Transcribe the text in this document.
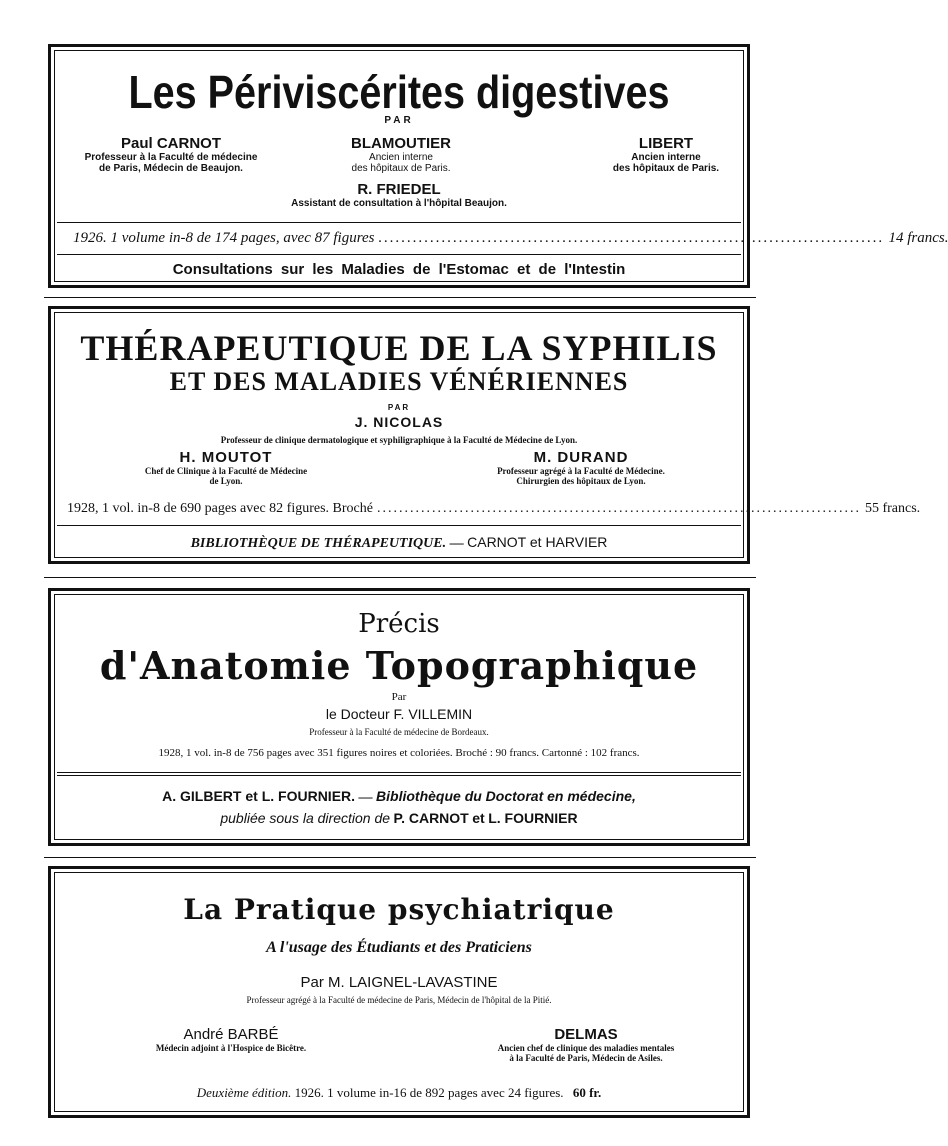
Les Périviscérites digestives
PAR
Paul CARNOT
Professeur à la Faculté de médecine
de Paris, Médecin de Beaujon.
BLAMOUTIER
Ancien interne
des hôpitaux de Paris.
LIBERT
Ancien interne
des hôpitaux de Paris.
R. FRIEDEL
Assistant de consultation à l'hôpital Beaujon.
1926. 1 volume in-8 de 174 pages, avec 87 figures ........................................................................................ 14 francs.
Consultations sur les Maladies de l'Estomac et de l'Intestin
THÉRAPEUTIQUE DE LA SYPHILIS
ET DES MALADIES VÉNÉRIENNES
PAR
J. NICOLAS
Professeur de clinique dermatologique et syphiligraphique à la Faculté de Médecine de Lyon.
H. MOUTOT
Chef de Clinique à la Faculté de Médecine
de Lyon.
M. DURAND
Professeur agrégé à la Faculté de Médecine.
Chirurgien des hôpitaux de Lyon.
1928, 1 vol. in-8 de 690 pages avec 82 figures. Broché ........................................................................................ 55 francs.
BIBLIOTHÈQUE DE THÉRAPEUTIQUE. — CARNOT et HARVIER
Précis
d'Anatomie Topographique
Par
le Docteur F. VILLEMIN
Professeur à la Faculté de médecine de Bordeaux.
1928, 1 vol. in-8 de 756 pages avec 351 figures noires et coloriées. Broché : 90 francs. Cartonné : 102 francs.
A. GILBERT et L. FOURNIER. — Bibliothèque du Doctorat en médecine,
publiée sous la direction de P. CARNOT et L. FOURNIER
La Pratique psychiatrique
A l'usage des Étudiants et des Praticiens
Par M. LAIGNEL-LAVASTINE
Professeur agrégé à la Faculté de médecine de Paris, Médecin de l'hôpital de la Pitié.
André BARBÉ
Médecin adjoint à l'Hospice de Bicêtre.
DELMAS
Ancien chef de clinique des maladies mentales
à la Faculté de Paris, Médecin de Asiles.
Deuxième édition. 1926. 1 volume in-16 de 892 pages avec 24 figures. 60 fr.
